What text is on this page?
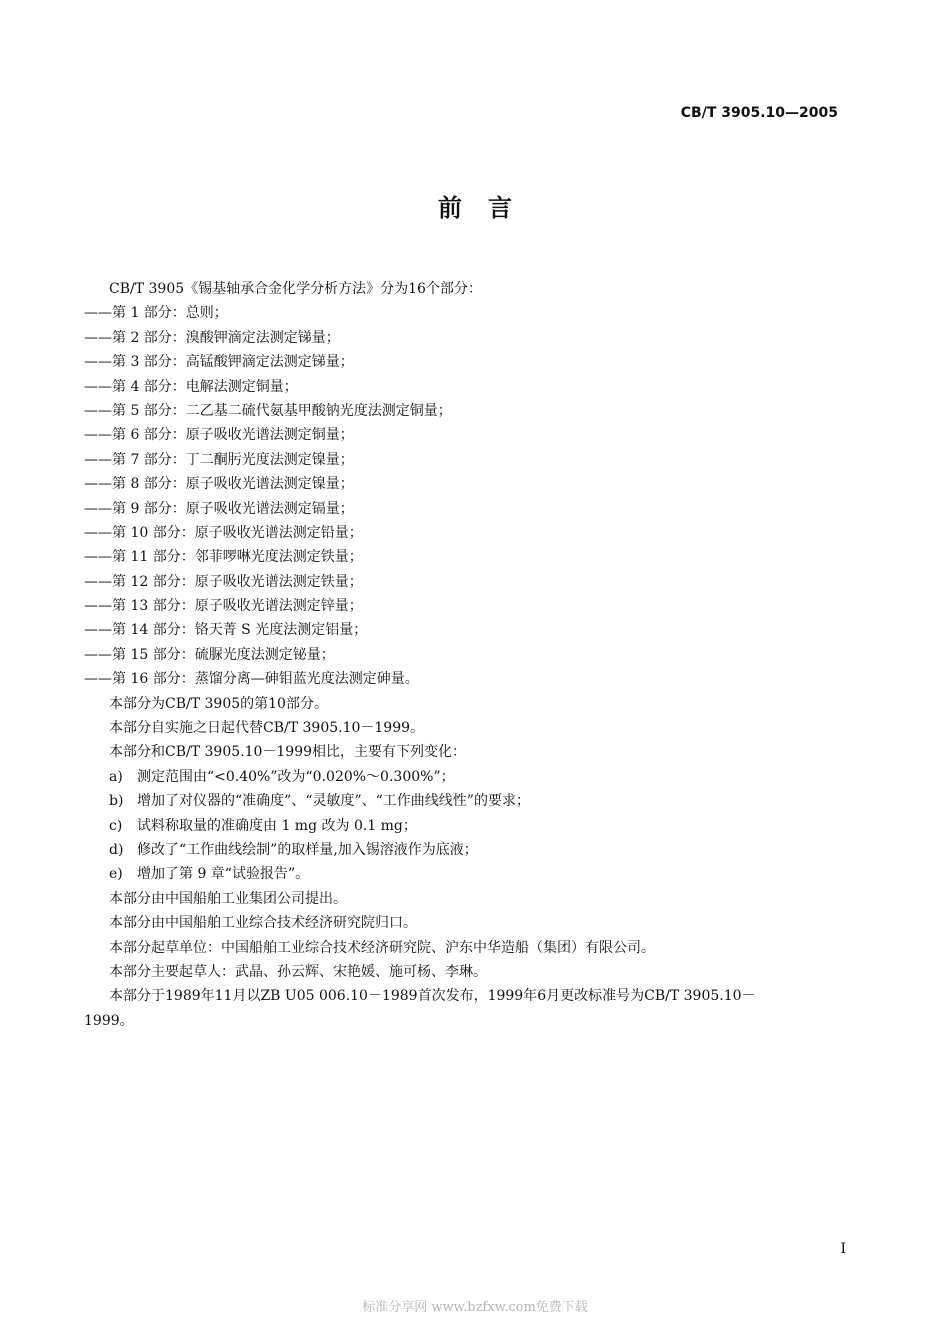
CB/T 3905.10—2005
前言
CB/T 3905《锡基轴承合金化学分析方法》分为16个部分：
——第 1 部分：总则；
——第 2 部分：溴酸钾滴定法测定锑量；
——第 3 部分：高锰酸钾滴定法测定锑量；
——第 4 部分：电解法测定铜量；
——第 5 部分：二乙基二硫代氨基甲酸钠光度法测定铜量；
——第 6 部分：原子吸收光谱法测定铜量；
——第 7 部分：丁二酮肟光度法测定镍量；
——第 8 部分：原子吸收光谱法测定镍量；
——第 9 部分：原子吸收光谱法测定镉量；
——第 10 部分：原子吸收光谱法测定铅量；
——第 11 部分：邻菲啰啉光度法测定铁量；
——第 12 部分：原子吸收光谱法测定铁量；
——第 13 部分：原子吸收光谱法测定锌量；
——第 14 部分：铬天菁 S 光度法测定铝量；
——第 15 部分：硫脲光度法测定铋量；
——第 16 部分：蒸馏分离—砷钼蓝光度法测定砷量。
本部分为CB/T 3905的第10部分。
本部分自实施之日起代替CB/T 3905.10－1999。
本部分和CB/T 3905.10－1999相比，主要有下列变化：
a) 测定范围由“<0.40%”改为“0.020%～0.300%”；
b) 增加了对仪器的“准确度”、“灵敏度”、“工作曲线线性”的要求；
c) 试料称取量的准确度由 1 mg 改为 0.1 mg；
d) 修改了“工作曲线绘制”的取样量,加入锡溶液作为底液；
e) 增加了第 9 章“试验报告”。
本部分由中国船舶工业集团公司提出。
本部分由中国船舶工业综合技术经济研究院归口。
本部分起草单位：中国船舶工业综合技术经济研究院、沪东中华造船（集团）有限公司。
本部分主要起草人：武晶、孙云辉、宋艳媛、施可杨、李琳。
本部分于1989年11月以ZB U05 006.10－1989首次发布，1999年6月更改标准号为CB/T 3905.10－
1999。
I
标准分享网 www.bzfxw.com免费下载
